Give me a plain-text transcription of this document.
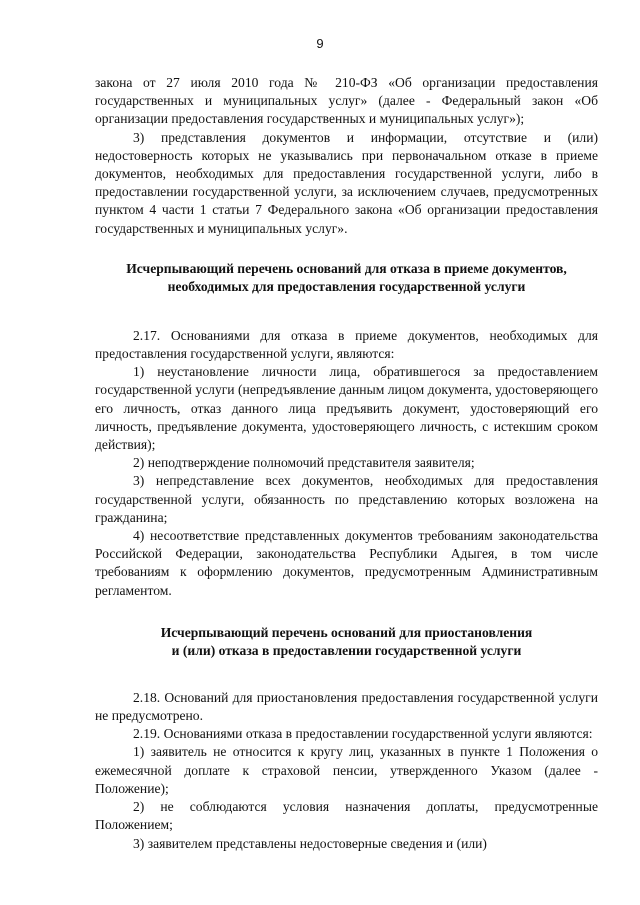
9

закона от 27 июля 2010 года № 210-ФЗ «Об организации предоставления государственных и муниципальных услуг» (далее - Федеральный закон «Об организации предоставления государственных и муниципальных услуг»);

3) представления документов и информации, отсутствие и (или) недостоверность которых не указывались при первоначальном отказе в приеме документов, необходимых для предоставления государственной услуги, либо в предоставлении государственной услуги, за исключением случаев, предусмотренных пунктом 4 части 1 статьи 7 Федерального закона «Об организации предоставления государственных и муниципальных услуг».

Исчерпывающий перечень оснований для отказа в приеме документов,
необходимых для предоставления государственной услуги

2.17. Основаниями для отказа в приеме документов, необходимых для предоставления государственной услуги, являются:

1) неустановление личности лица, обратившегося за предоставлением государственной услуги (непредъявление данным лицом документа, удостоверяющего его личность, отказ данного лица предъявить документ, удостоверяющий его личность, предъявление документа, удостоверяющего личность, с истекшим сроком действия);

2) неподтверждение полномочий представителя заявителя;

3) непредставление всех документов, необходимых для предоставления государственной услуги, обязанность по представлению которых возложена на гражданина;

4) несоответствие представленных документов требованиям законодательства Российской Федерации, законодательства Республики Адыгея, в том числе требованиям к оформлению документов, предусмотренным Административным регламентом.

Исчерпывающий перечень оснований для приостановления
и (или) отказа в предоставлении государственной услуги

2.18. Оснований для приостановления предоставления государственной услуги не предусмотрено.

2.19. Основаниями отказа в предоставлении государственной услуги являются:

1) заявитель не относится к кругу лиц, указанных в пункте 1 Положения о ежемесячной доплате к страховой пенсии, утвержденного Указом (далее - Положение);

2) не соблюдаются условия назначения доплаты, предусмотренные Положением;

3) заявителем представлены недостоверные сведения и (или)
